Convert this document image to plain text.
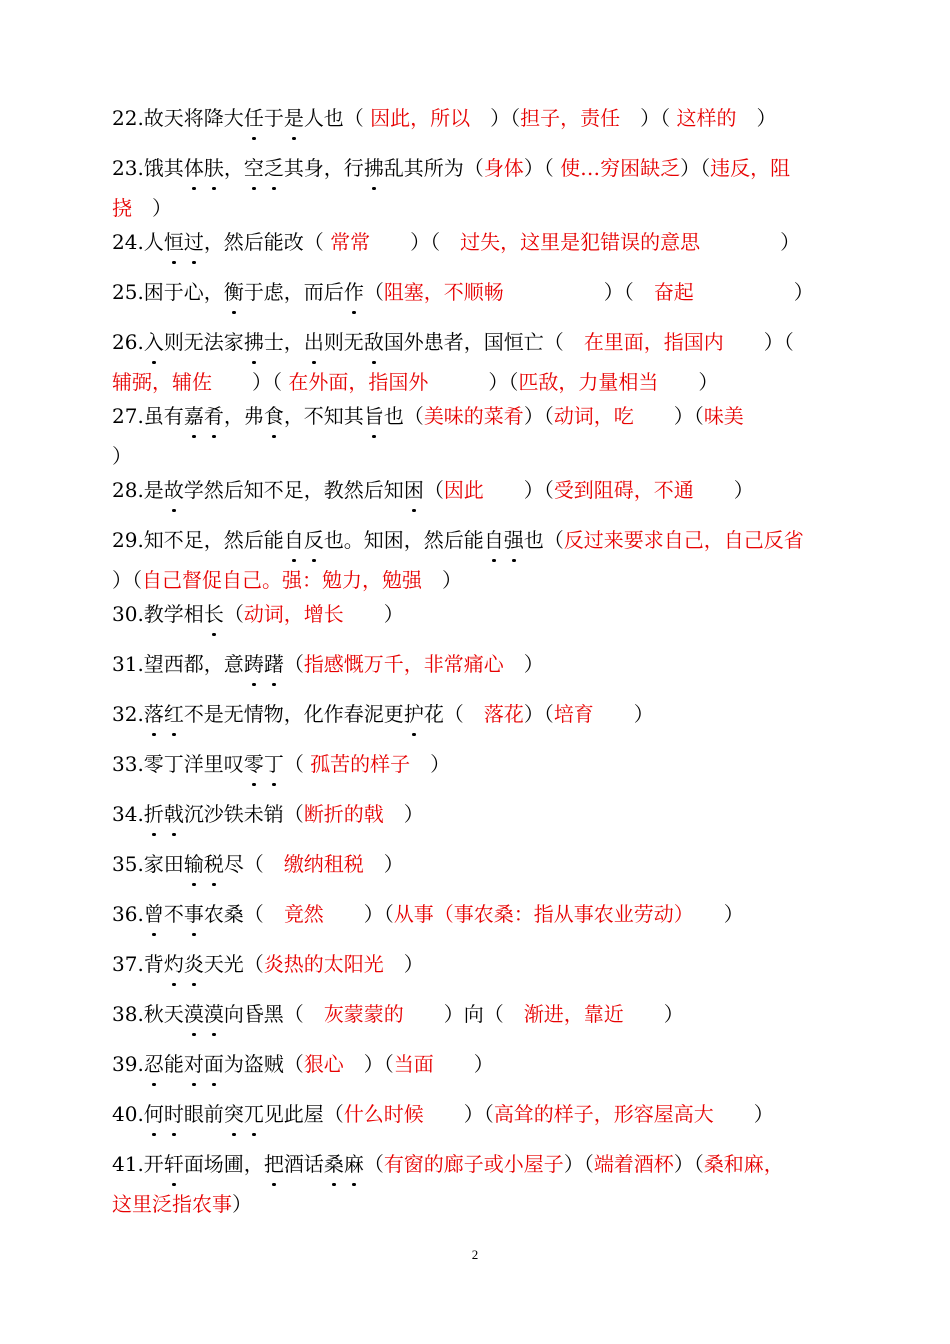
22.故天将降大任于是人也（ 因此，所以　）（担子，责任　）（ 这样的　）
23.饿其体肤，空乏其身，行拂乱其所为（身体）（ 使…穷困缺乏）（违反，阻
挠　）
24.人恒过，然后能改（ 常常　　）（　过失，这里是犯错误的意思　　　　）
25.困于心，衡于虑，而后作（阻塞，不顺畅　　　　　）（　奋起　　　　　）
26.入则无法家拂士，出则无敌国外患者，国恒亡（　在里面，指国内　　）（
辅弼，辅佐　　）（ 在外面，指国外　　　）（匹敌，力量相当　　）
27.虽有嘉肴，弗食，不知其旨也（美味的菜肴）（动词，吃　　）（味美
）
28.是故学然后知不足，教然后知困（因此　　）（受到阻碍，不通　　）
29.知不足，然后能自反也。知困，然后能自强也（反过来要求自己，自己反省
）（自己督促自己。强：勉力，勉强　）
30.教学相长（动词，增长　　）
31.望西都，意踌躇（指感慨万千，非常痛心　）
32.落红不是无情物，化作春泥更护花（　落花）（培育　　）
33.零丁洋里叹零丁（ 孤苦的样子　）
34.折戟沉沙铁未销（断折的戟　）
35.家田输税尽（　缴纳租税　）
36.曾不事农桑（　竟然　　）（从事（事农桑：指从事农业劳动）　　）
37.背灼炎天光（炎热的太阳光　）
38.秋天漠漠向昏黑（　灰蒙蒙的　　）向（　渐进，靠近　　）
39.忍能对面为盗贼（狠心　）（当面　　）
40.何时眼前突兀见此屋（什么时候　　）（高耸的样子，形容屋高大　　）
41.开轩面场圃，把酒话桑麻（有窗的廊子或小屋子）（端着酒杯）（桑和麻，
这里泛指农事）
2
